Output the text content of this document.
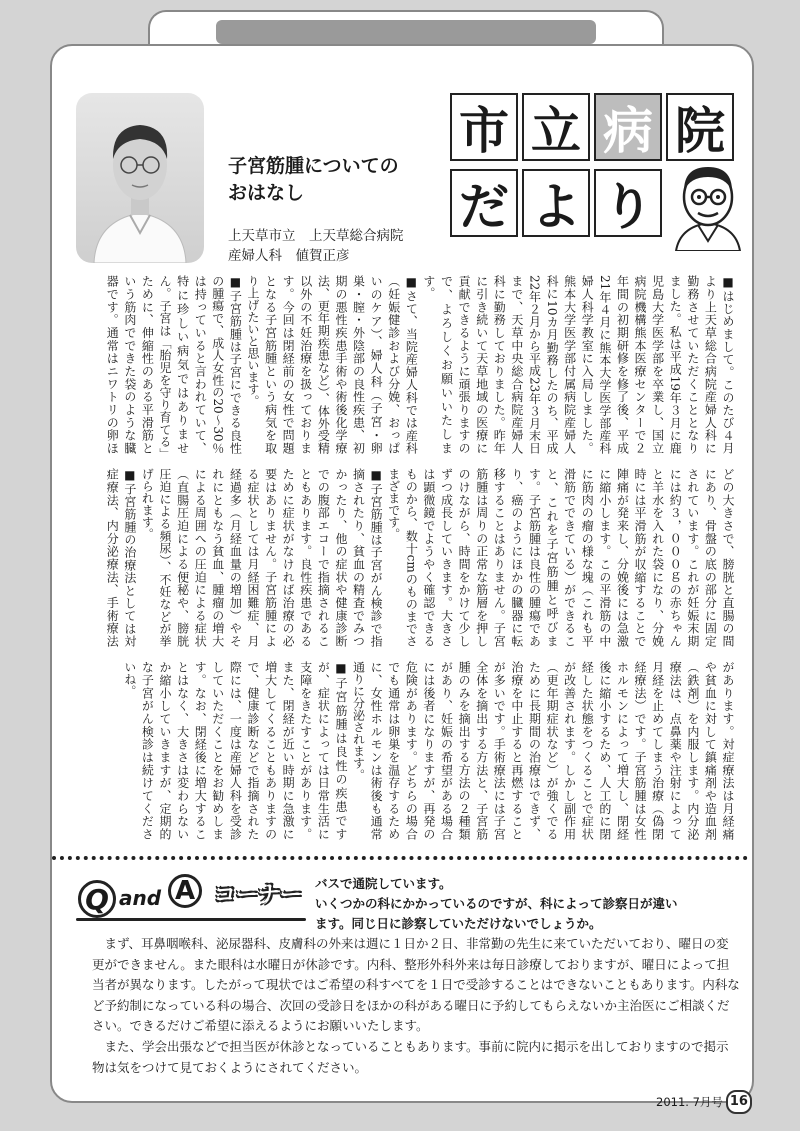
子宮筋腫についての
おはなし
上天草市立　上天草総合病院
産婦人科　値賀正彦
市 立 病 院
だ よ り

■はじめまして。このたび４月より上天草総合病院産婦人科に勤務させていただくこととなりました。私は平成19年３月に鹿児島大学医学部を卒業し、国立病院機構熊本医療センターで２年間の初期研修を修了後、平成21年４月に熊本大学医学部産科婦人科学教室に入局しました。熊本大学医学部付属病院産婦人科に10カ月勤務したのち、平成22年２月から平成23年３月末日まで、天草中央総合病院産婦人科に勤務しておりました。昨年に引き続いて天草地域の医療に貢献できるように頑張りますので、よろしくお願いいたします。

■さて、当院産婦人科では産科（妊娠健診および分娩、おっぱいのケア）、婦人科（子宮・卵巣・膣・外陰部の良性疾患、初期の悪性疾患手術や術後化学療法、更年期疾患など）、体外受精以外の不妊治療を扱っております。今回は閉経前の女性で問題となる子宮筋腫という病気を取り上げたいと思います。

■子宮筋腫は子宮にできる良性の腫瘍で、成人女性の20〜30％は持っていると言われていて、特に珍しい病気ではありません。子宮は「胎児を守り育てる」ために、伸縮性のある平滑筋という筋肉でできた袋のような臓器です。通常はニワトリの卵ほどの大きさで、膀胱と直腸の間にあり、骨盤の底の部分に固定されています。これが妊娠末期には約３，０００ｇの赤ちゃんと羊水を入れた袋になり、分娩時には平滑筋が収縮することで陣痛が発来し、分娩後には急激に縮小します。この平滑筋の中に筋肉の瘤の様な塊（これも平滑筋でできている）ができること、これを子宮筋腫と呼びます。子宮筋腫は良性の腫瘍であり、癌のようにほかの臓器に転移することはありません。子宮筋腫は周りの正常な筋層を押しのけながら、時間をかけて少しずつ成長していきます。大きさは顕微鏡でようやく確認できるものから、数十cmのものまでさまざまです。

■子宮筋腫は子宮がん検診で指摘されたり、貧血の精査でみつかったり、他の症状や健康診断での腹部エコーで指摘されることもあります。良性疾患であるために症状がなければ治療の必要はありません。子宮筋腫による症状としては月経困難症、月経過多（月経血量の増加）やそれにともなう貧血、腫瘤の増大による周囲への圧迫による症状（直腸圧迫による便秘や、膀胱圧迫による頻尿）、不妊などが挙げられます。

■子宮筋腫の治療法としては対症療法、内分泌療法、手術療法があります。対症療法は月経痛や貧血に対して鎮痛剤や造血剤（鉄剤）を内服します。内分泌療法は、点鼻薬や注射によって月経を止めてしまう治療（偽閉経療法）です。子宮筋腫は女性ホルモンによって増大し、閉経後に縮小するため、人工的に閉経した状態をつくることで症状が改善されます。しかし副作用（更年期症状など）が強くでるために長期間の治療はできず、治療を中止すると再燃することが多いです。手術療法には子宮全体を摘出する方法と、子宮筋腫のみを摘出する方法の２種類があり、妊娠の希望がある場合には後者になりますが、再発の危険があります。どちらの場合でも通常は卵巣を温存するために、女性ホルモンは術後も通常通りに分泌されます。

■子宮筋腫は良性の疾患ですが、症状によっては日常生活に支障をきたすことがあります。また、閉経が近い時期に急激に増大してくることもありますので、健康診断などで指摘された際には、一度は産婦人科を受診していただくことをお勧めします。なお、閉経後に増大することはなく、大きさは変わらないか縮小していきますが、定期的な子宮がん検診は続けてくださいね。

Q and A コーナー バスで通院しています。
いくつかの科にかかっているのですが、科によって診察日が違い
ます。同じ日に診察していただけないでしょうか。

まず、耳鼻咽喉科、泌尿器科、皮膚科の外来は週に１日か２日、非常勤の先生に来ていただいており、曜日の変更ができません。また眼科は水曜日が休診です。内科、整形外科外来は毎日診療しておりますが、曜日によって担当者が異なります。したがって現状ではご希望の科すべてを１日で受診することはできないこともあります。内科など予約制になっている科の場合、次回の受診日をほかの科がある曜日に予約してもらえないか主治医にご相談ください。できるだけご希望に添えるようにお願いいたします。

また、学会出張などで担当医が休診となっていることもあります。事前に院内に掲示を出しておりますので掲示物は気をつけて見ておくようにされてください。

2011. 7月号 16
